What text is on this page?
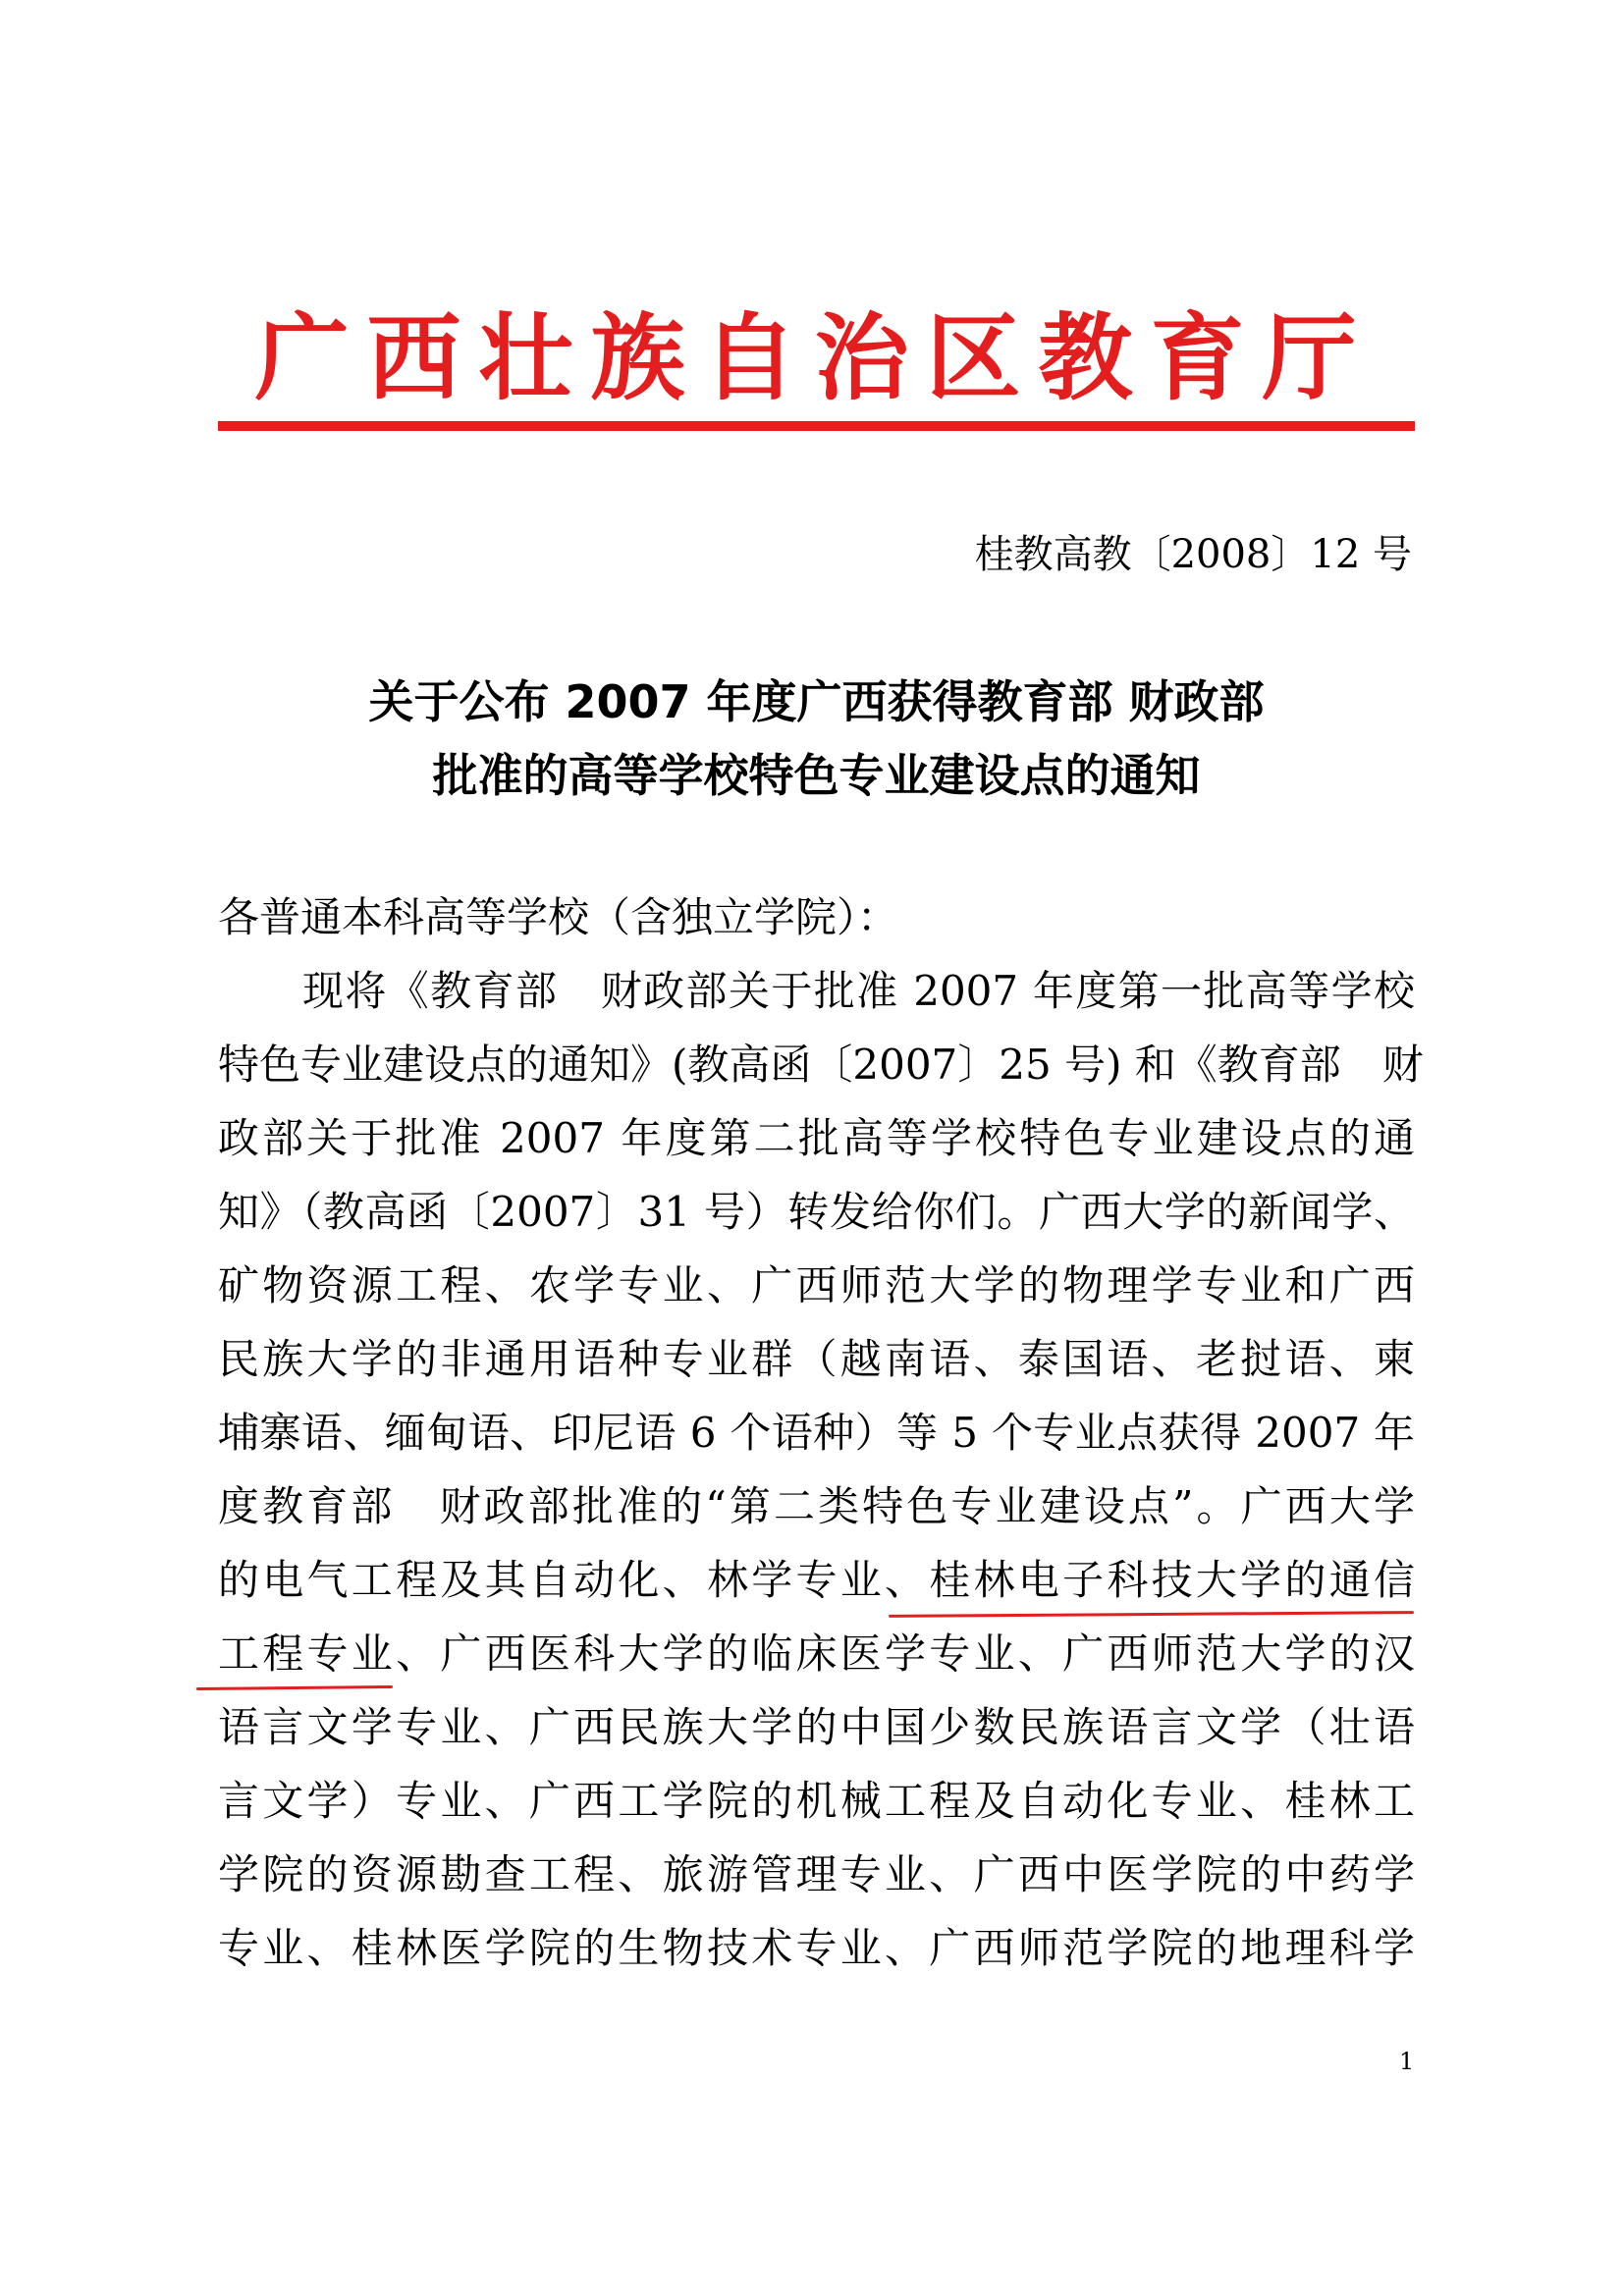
广西壮族自治区教育厅
桂教高教〔2008〕12 号
关于公布 2007 年度广西获得教育部 财政部
批准的高等学校特色专业建设点的通知
各普通本科高等学校（含独立学院）：
现将《教育部　财政部关于批准 2007 年度第一批高等学校
特色专业建设点的通知》(教高函〔2007〕25 号) 和《教育部　财
政部关于批准 2007 年度第二批高等学校特色专业建设点的通
知》（教高函〔2007〕31 号）转发给你们。广西大学的新闻学、
矿物资源工程、农学专业、广西师范大学的物理学专业和广西
民族大学的非通用语种专业群（越南语、泰国语、老挝语、柬
埔寨语、缅甸语、印尼语 6 个语种）等 5 个专业点获得 2007 年
度教育部　财政部批准的“第二类特色专业建设点”。广西大学
的电气工程及其自动化、林学专业、桂林电子科技大学的通信
工程专业、广西医科大学的临床医学专业、广西师范大学的汉
语言文学专业、广西民族大学的中国少数民族语言文学（壮语
言文学）专业、广西工学院的机械工程及自动化专业、桂林工
学院的资源勘查工程、旅游管理专业、广西中医学院的中药学
专业、桂林医学院的生物技术专业、广西师范学院的地理科学
1
